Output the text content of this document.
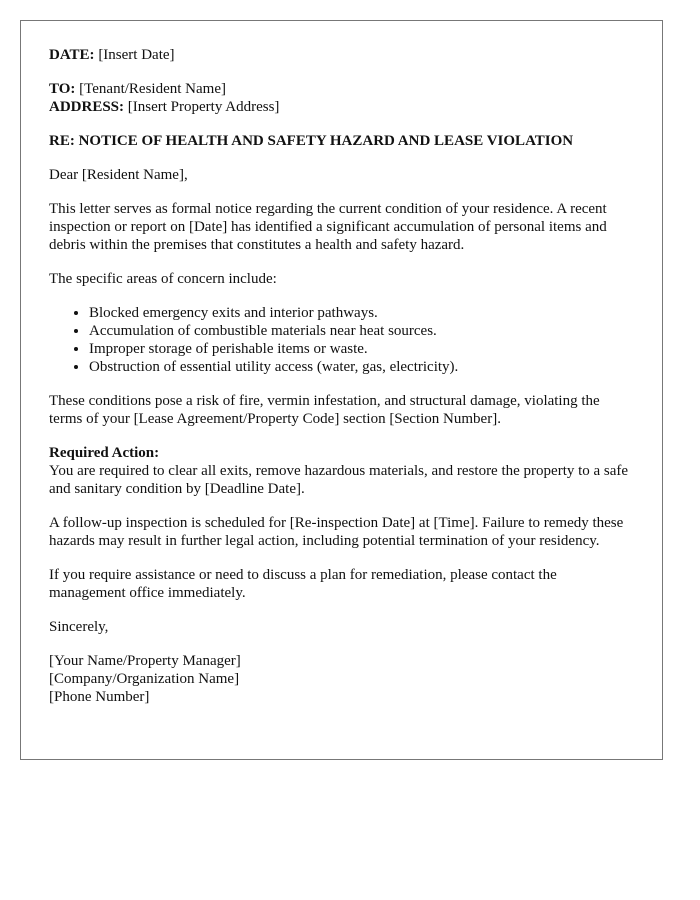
DATE: [Insert Date]

TO: [Tenant/Resident Name]
ADDRESS: [Insert Property Address]

RE: NOTICE OF HEALTH AND SAFETY HAZARD AND LEASE VIOLATION

Dear [Resident Name],

This letter serves as formal notice regarding the current condition of your residence. A recent inspection or report on [Date] has identified a significant accumulation of personal items and debris within the premises that constitutes a health and safety hazard.

The specific areas of concern include:

• Blocked emergency exits and interior pathways.
• Accumulation of combustible materials near heat sources.
• Improper storage of perishable items or waste.
• Obstruction of essential utility access (water, gas, electricity).

These conditions pose a risk of fire, vermin infestation, and structural damage, violating the terms of your [Lease Agreement/Property Code] section [Section Number].

Required Action:
You are required to clear all exits, remove hazardous materials, and restore the property to a safe and sanitary condition by [Deadline Date].

A follow-up inspection is scheduled for [Re-inspection Date] at [Time]. Failure to remedy these hazards may result in further legal action, including potential termination of your residency.

If you require assistance or need to discuss a plan for remediation, please contact the management office immediately.

Sincerely,

[Your Name/Property Manager]
[Company/Organization Name]
[Phone Number]
